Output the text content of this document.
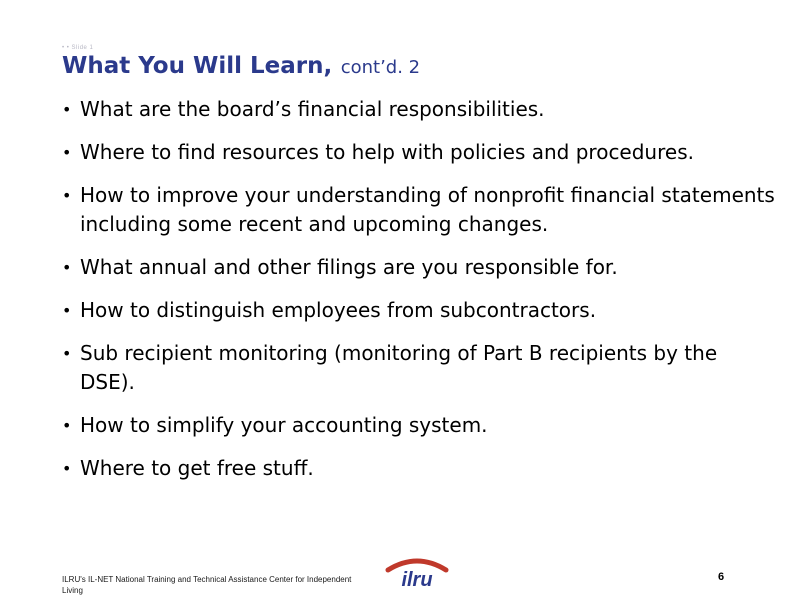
• • Slide 1
What You Will Learn, cont’d. 2
• What are the board’s financial responsibilities.
• Where to find resources to help with policies and procedures.
• How to improve your understanding of nonprofit financial statements including some recent and upcoming changes.
• What annual and other filings are you responsible for.
• How to distinguish employees from subcontractors.
• Sub recipient monitoring (monitoring of Part B recipients by the DSE).
• How to simplify your accounting system.
• Where to get free stuff.
ILRU's IL-NET National Training and Technical Assistance Center for Independent Living	ilru	6
